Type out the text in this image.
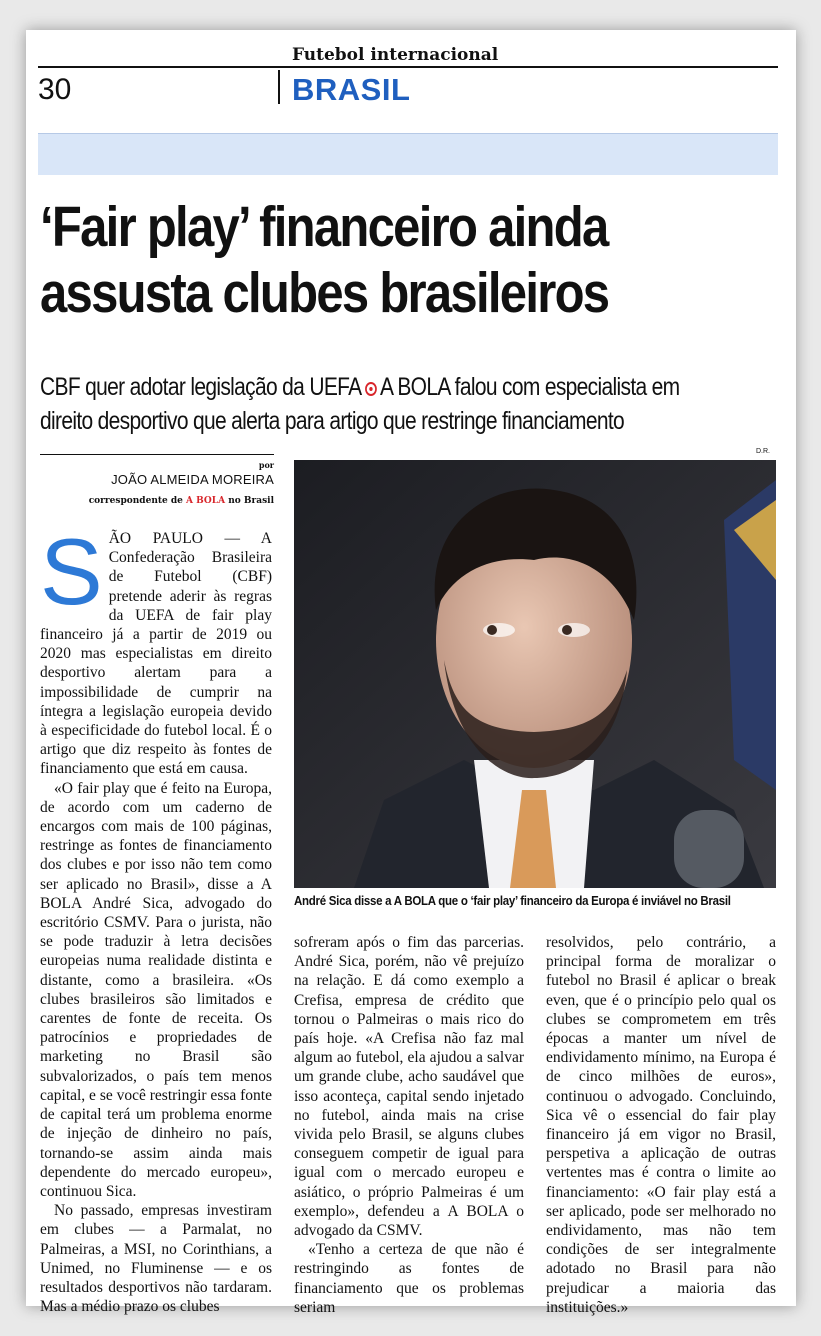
Futebol internacional
30	BRASIL
‘Fair play’ financeiro ainda
assusta clubes brasileiros
CBF quer adotar legislação da UEFA A BOLA falou com especialista em
direito desportivo que alerta para artigo que restringe financiamento
por
JOÃO ALMEIDA MOREIRA
correspondente de A BOLA no Brasil
D.R.
André Sica disse a A BOLA que o ‘fair play’ financeiro da Europa é inviável no Brasil
S ÃO PAULO — A Confederação Brasileira de Futebol (CBF) pretende aderir às regras da UEFA de fair play financeiro já a partir de 2019 ou 2020 mas especialistas em direito desportivo alertam para a impossibilidade de cumprir na íntegra a legislação europeia devido à especificidade do futebol local. É o artigo que diz respeito às fontes de financiamento que está em causa.

«O fair play que é feito na Europa, de acordo com um caderno de encargos com mais de 100 páginas, restringe as fontes de financiamento dos clubes e por isso não tem como ser aplicado no Brasil», disse a A BOLA André Sica, advogado do escritório CSMV. Para o jurista, não se pode traduzir à letra decisões europeias numa realidade distinta e distante, como a brasileira. «Os clubes brasileiros são limitados e carentes de fonte de receita. Os patrocínios e propriedades de marketing no Brasil são subvalorizados, o país tem menos capital, e se você restringir essa fonte de capital terá um problema enorme de injeção de dinheiro no país, tornando-se assim ainda mais dependente do mercado europeu», continuou Sica.

No passado, empresas investiram em clubes — a Parmalat, no Palmeiras, a MSI, no Corinthians, a Unimed, no Fluminense — e os resultados desportivos não tardaram. Mas a médio prazo os clubes

sofreram após o fim das parcerias. André Sica, porém, não vê prejuízo na relação. E dá como exemplo a Crefisa, empresa de crédito que tornou o Palmeiras o mais rico do país hoje. «A Crefisa não faz mal algum ao futebol, ela ajudou a salvar um grande clube, acho saudável que isso aconteça, capital sendo injetado no futebol, ainda mais na crise vivida pelo Brasil, se alguns clubes conseguem competir de igual para igual com o mercado europeu e asiático, o próprio Palmeiras é um exemplo», defendeu a A BOLA o advogado da CSMV.

«Tenho a certeza de que não é restringindo as fontes de financiamento que os problemas seriam

resolvidos, pelo contrário, a principal forma de moralizar o futebol no Brasil é aplicar o break even, que é o princípio pelo qual os clubes se comprometem em três épocas a manter um nível de endividamento mínimo, na Europa é de cinco milhões de euros», continuou o advogado. Concluindo, Sica vê o essencial do fair play financeiro já em vigor no Brasil, perspetiva a aplicação de outras vertentes mas é contra o limite ao financiamento: «O fair play está a ser aplicado, pode ser melhorado no endividamento, mas não tem condições de ser integralmente adotado no Brasil para não prejudicar a maioria das instituições.»
